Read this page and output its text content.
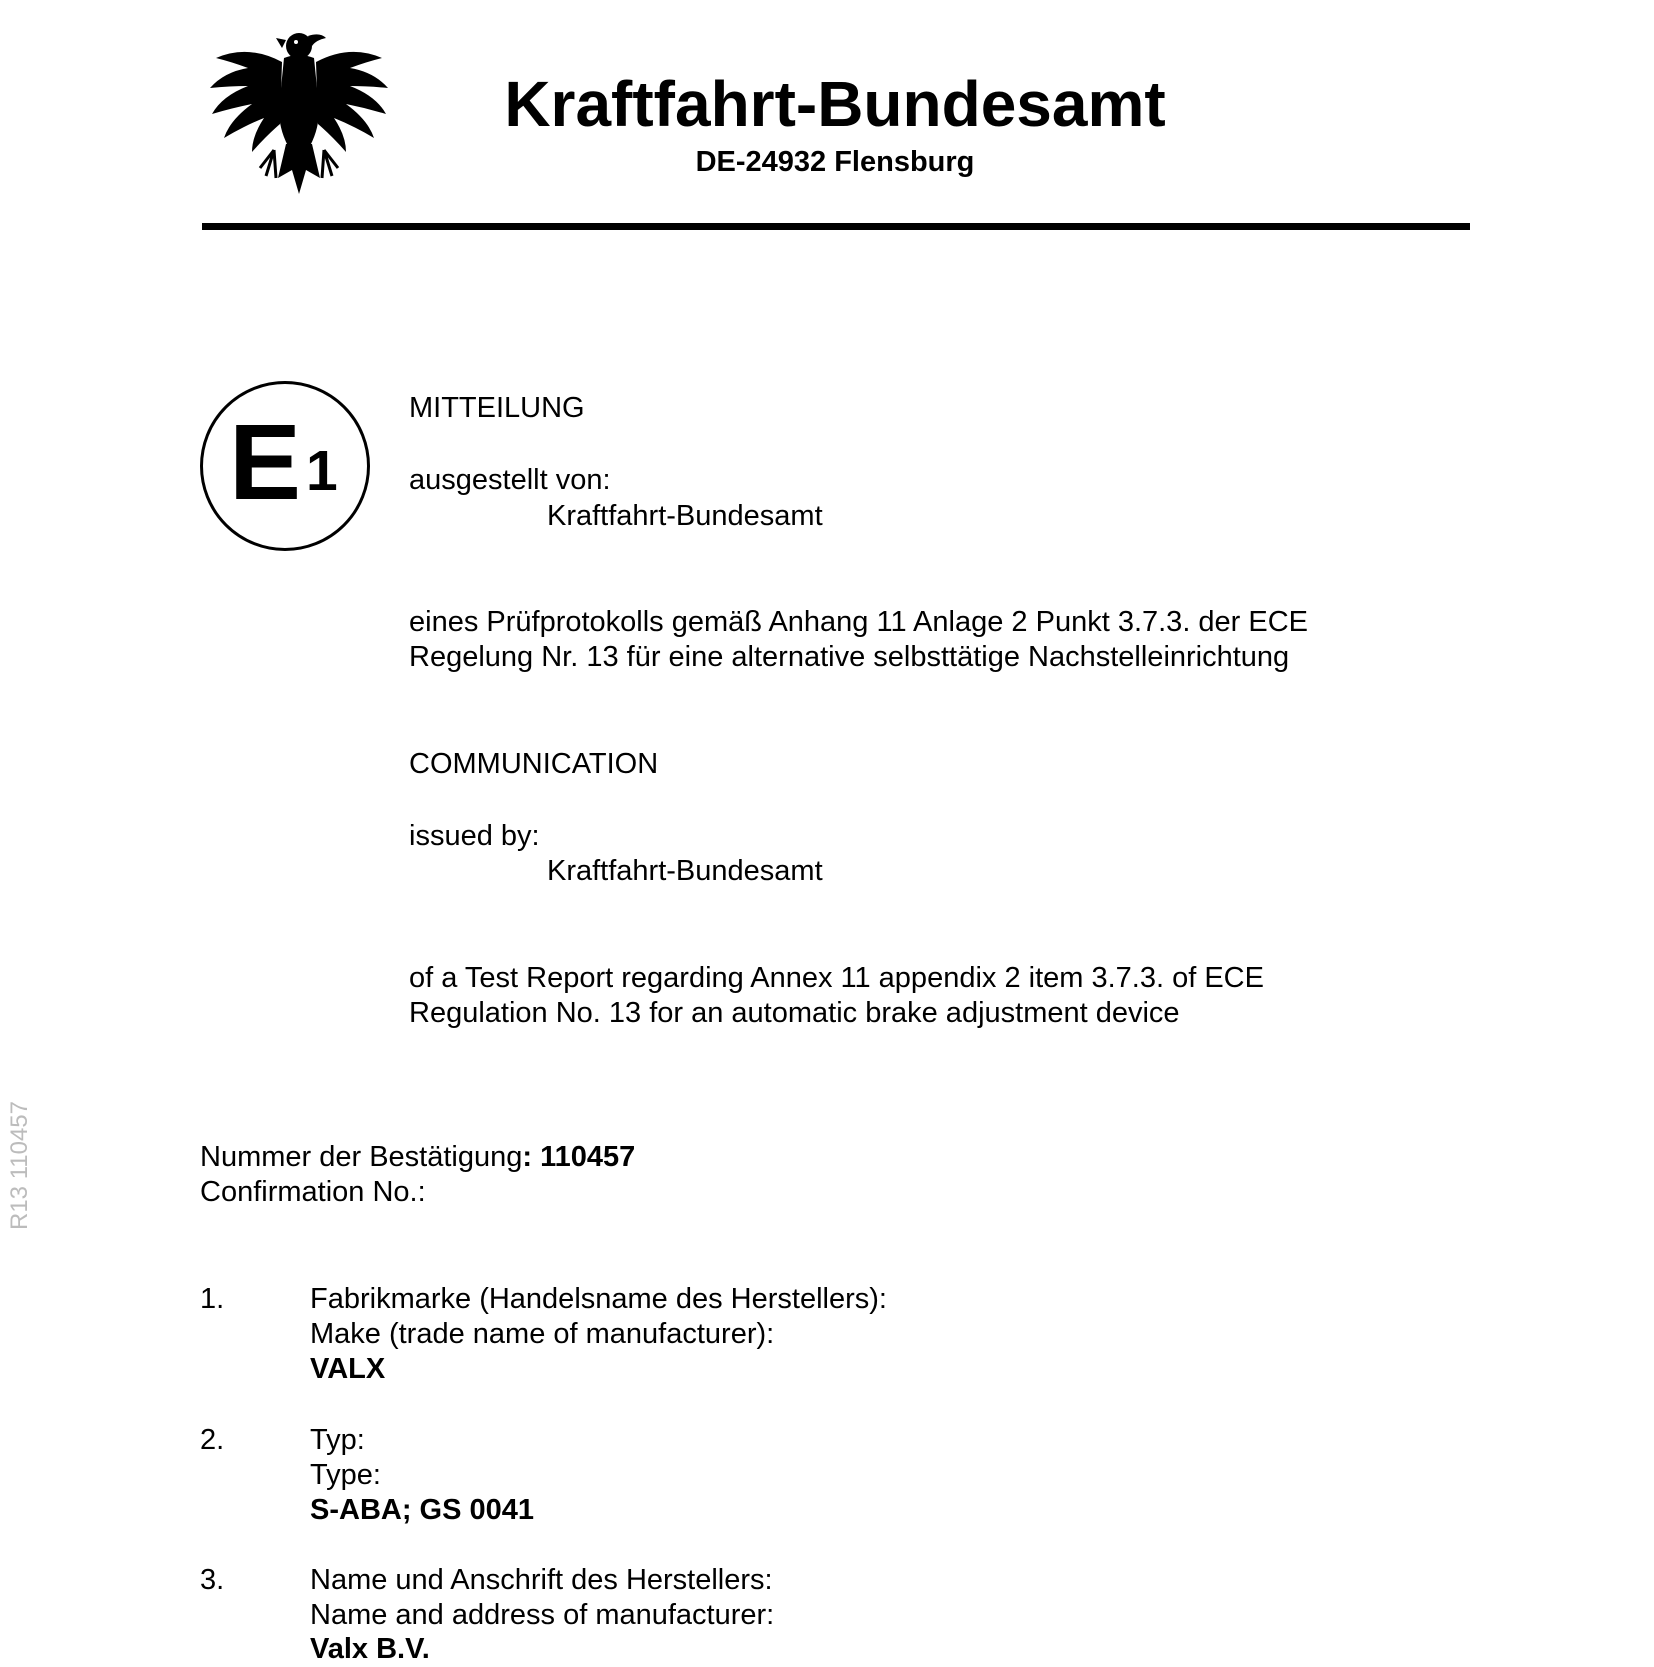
Kraftfahrt-Bundesamt
DE-24932 Flensburg
E 1
MITTEILUNG
ausgestellt von:
Kraftfahrt-Bundesamt
eines Prüfprotokolls gemäß Anhang 11 Anlage 2 Punkt 3.7.3. der ECE
Regelung Nr. 13 für eine alternative selbsttätige Nachstelleinrichtung
COMMUNICATION
issued by:
Kraftfahrt-Bundesamt
of a Test Report regarding Annex 11 appendix 2 item 3.7.3. of ECE
Regulation No. 13 for an automatic brake adjustment device
Nummer der Bestätigung: 110457
Confirmation No.:
1.	Fabrikmarke (Handelsname des Herstellers):
Make (trade name of manufacturer):
VALX
2.	Typ:
Type:
S-ABA; GS 0041
3.	Name und Anschrift des Herstellers:
Name and address of manufacturer:
Valx B.V.
R13 110457
